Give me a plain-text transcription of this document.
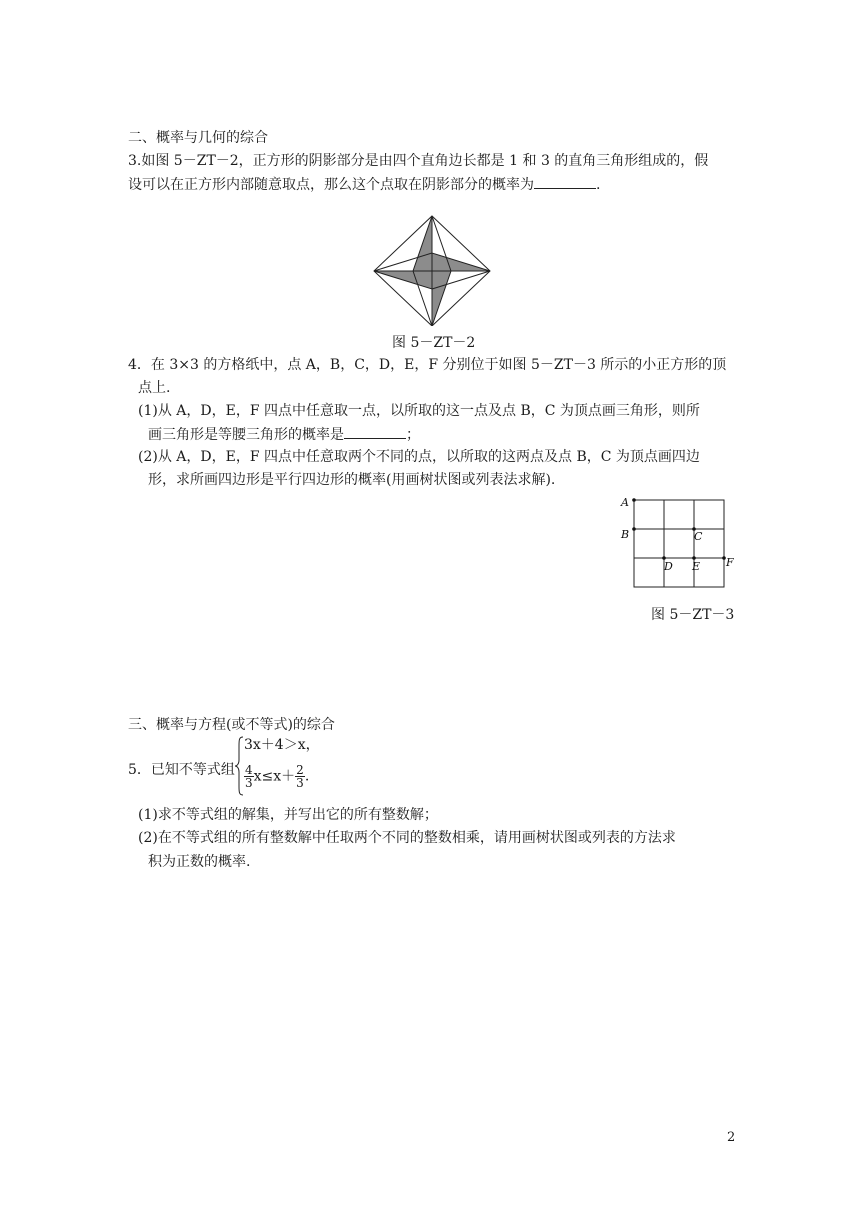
二、概率与几何的综合
3.如图 5－ZT－2，正方形的阴影部分是由四个直角边长都是 1 和 3 的直角三角形组成的，假
设可以在正方形内部随意取点，那么这个点取在阴影部分的概率为	.
图 5－ZT－2
4．在 3×3 的方格纸中，点 A，B，C，D，E，F 分别位于如图 5－ZT－3 所示的小正方形的顶
点上.
(1)从 A，D，E，F 四点中任意取一点，以所取的这一点及点 B，C 为顶点画三角形，则所
画三角形是等腰三角形的概率是	；
(2)从 A，D，E，F 四点中任意取两个不同的点，以所取的这两点及点 B，C 为顶点画四边
形，求所画四边形是平行四边形的概率(用画树状图或列表法求解).
A
B	C
D E F
图 5－ZT－3
三、概率与方程(或不等式)的综合
5．已知不等式组
3x＋4＞x，
$\frac{4}{3} x\le x+ \frac{2}{3}$ .
(1)求不等式组的解集，并写出它的所有整数解；
(2)在不等式组的所有整数解中任取两个不同的整数相乘，请用画树状图或列表的方法求
积为正数的概率.
2
